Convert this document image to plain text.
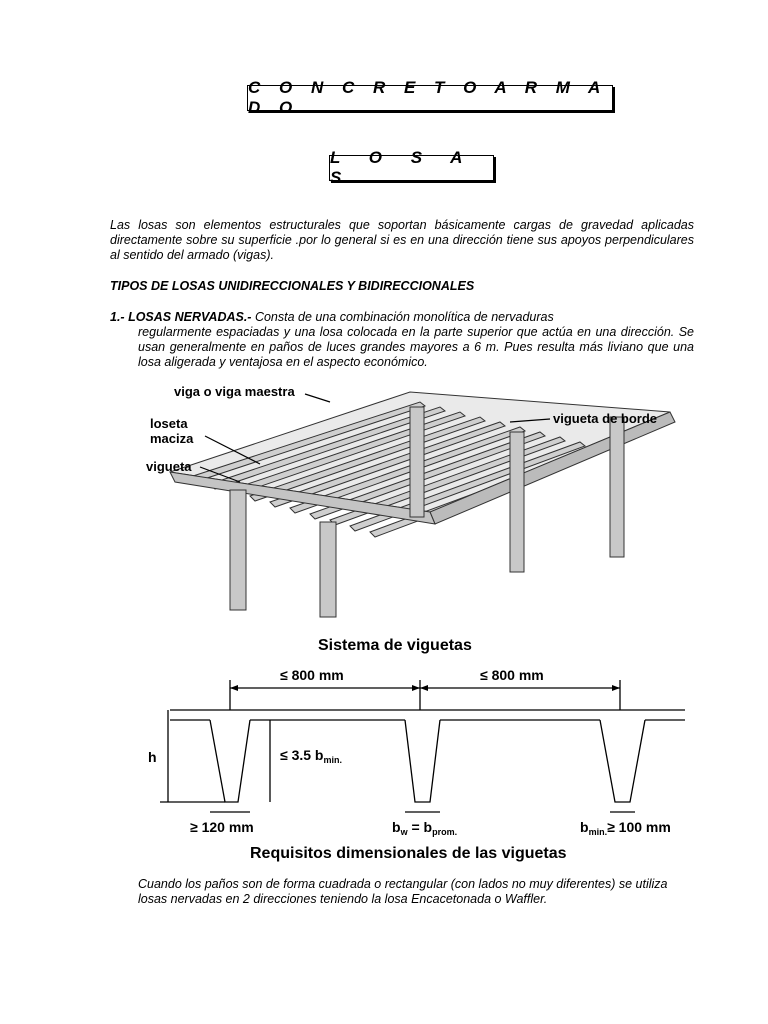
C O N C R E T O A R M A D O
L O S A S
Las losas son elementos estructurales que soportan básicamente cargas de gravedad aplicadas directamente sobre su superficie .por lo general si es en una dirección tiene sus apoyos perpendiculares al sentido del armado (vigas).
TIPOS DE LOSAS UNIDIRECCIONALES Y BIDIRECCIONALES
1.- LOSAS NERVADAS.- Consta de una combinación monolítica de nervaduras
regularmente espaciadas y una losa colocada en la parte superior que actúa en una dirección. Se usan generalmente en paños de luces grandes mayores a 6 m. Pues resulta más liviano que una losa aligerada y ventajosa en el aspecto económico.
viga o viga maestra
loseta
maciza
vigueta
vigueta de borde
Sistema de viguetas
≤ 800 mm	≤ 800 mm
h	≤ 3.5 $b_{min.}$
≥ 120 mm	$b_w = b_{prom.}$	$b_{min.}\ge 100$ mm
Requisitos dimensionales de las viguetas
Cuando los paños son de forma cuadrada o rectangular (con lados no muy diferentes) se utiliza losas nervadas en 2 direcciones teniendo la losa Encacetonada o Waffler.
